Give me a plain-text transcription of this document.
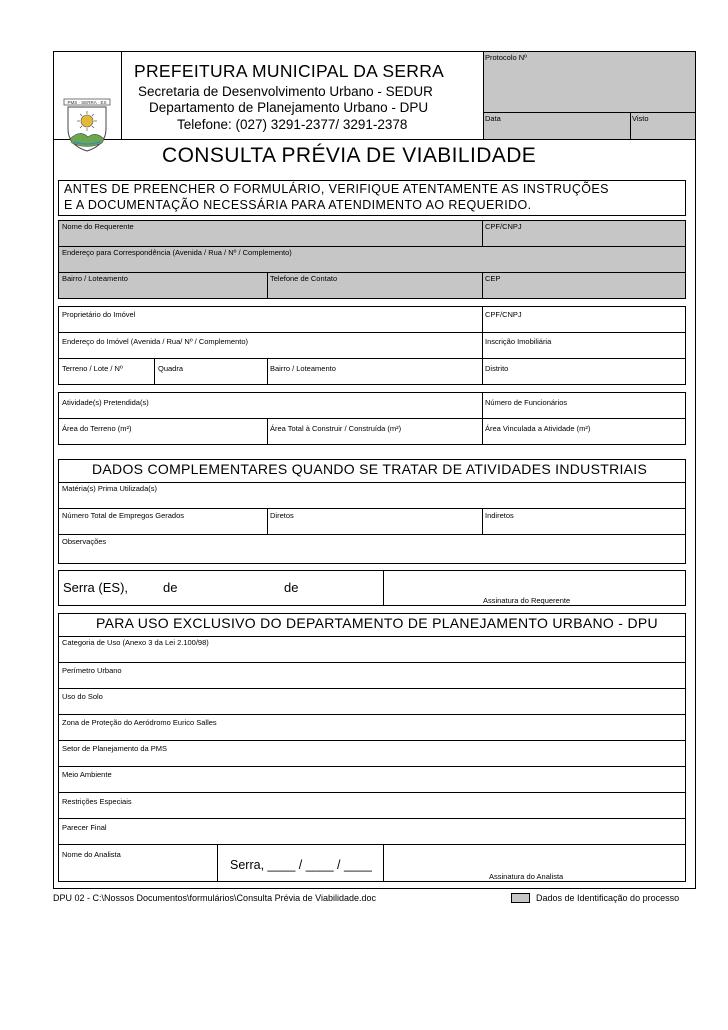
PMS · SERRA · ES
PREFEITURA MUNICIPAL DA SERRA
Secretaria de Desenvolvimento Urbano - SEDUR
Departamento de Planejamento Urbano - DPU
Telefone: (027) 3291-2377/ 3291-2378
Protocolo Nº
Data	Visto
CONSULTA PRÉVIA DE VIABILIDADE
ANTES DE PREENCHER O FORMULÁRIO, VERIFIQUE ATENTAMENTE AS INSTRUÇÕES
E A DOCUMENTAÇÃO NECESSÁRIA PARA ATENDIMENTO AO REQUERIDO.
Nome do Requerente	CPF/CNPJ
Endereço para Correspondência (Avenida / Rua / Nº / Complemento)
Bairro / Loteamento	Telefone de Contato	CEP
Proprietário do Imóvel	CPF/CNPJ
Endereço do Imóvel (Avenida / Rua/ Nº / Complemento)	Inscrição Imobiliária
Terreno / Lote / Nº	Quadra	Bairro / Loteamento	Distrito
Atividade(s) Pretendida(s)	Número de Funcionários
Área do Terreno (m²)	Área Total à Construir / Construída (m²)	Área Vinculada a Atividade (m²)
DADOS COMPLEMENTARES QUANDO SE TRATAR DE ATIVIDADES INDUSTRIAIS
Matéria(s) Prima Utilizada(s)
Número Total de Empregos Gerados	Diretos	Indiretos
Observações
Serra (ES),	de	de
Assinatura do Requerente
PARA USO EXCLUSIVO DO DEPARTAMENTO DE PLANEJAMENTO URBANO - DPU
Categoria de Uso (Anexo 3 da Lei 2.100/98)
Perímetro Urbano
Uso do Solo
Zona de Proteção do Aeródromo Eurico Salles
Setor de Planejamento da PMS
Meio Ambiente
Restrições Especiais
Parecer Final
Nome do Analista
Serra, ____ / ____ / ____
Assinatura do Analista
DPU 02 - C:\Nossos Documentos\formulários\Consulta Prévia de Viabilidade.doc	Dados de Identificação do processo
